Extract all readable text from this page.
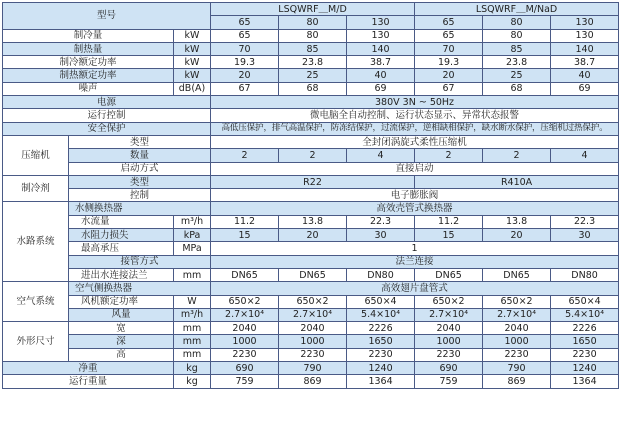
型号			LSQWRF＿M/D			LSQWRF＿M/NaD		
			65	80	130	65	80	130
制冷量		kW	65	80	130	65	80	130
制热量		kW	70	85	140	70	85	140
制冷额定功率		kW	19.3	23.8	38.7	19.3	23.8	38.7
制热额定功率		kW	20	25	40	20	25	40
噪声		dB(A)	67	68	69	67	68	69
电源			380V 3N ~ 50Hz					
运行控制			微电脑全自动控制、运行状态显示、异常状态报警					
安全保护			高低压保护，排气高温保护，防冻结保护，过流保护，逆相缺相保护，缺水断水保护，压缩机过热保护。					
压缩机	类型		全封闭涡旋式柔性压缩机					
	数量		2	2	4	2	2	4
	启动方式		直接启动					
制冷剂	类型		R22			R410A		
	控制		电子膨胀阀					
水路系统	水侧换热器		高效壳管式换热器					
	水流量	m³/h	11.2	13.8	22.3	11.2	13.8	22.3
	水阻力损失	kPa	15	20	30	15	20	30
	最高承压	MPa	1					
	接管方式		法兰连接					
	进出水连接法兰	mm	DN65	DN65	DN80	DN65	DN65	DN80
空气系统	空气侧换热器		高效翅片盘管式					
	风机额定功率	W	650×2	650×2	650×4	650×2	650×2	650×4
	风量	m³/h	2.7×10⁴	2.7×10⁴	5.4×10⁴	2.7×10⁴	2.7×10⁴	5.4×10⁴
外形尺寸	宽	mm	2040	2040	2226	2040	2040	2226
	深	mm	1000	1000	1650	1000	1000	1650
	高	mm	2230	2230	2230	2230	2230	2230
净重		kg	690	790	1240	690	790	1240
运行重量		kg	759	869	1364	759	869	1364
